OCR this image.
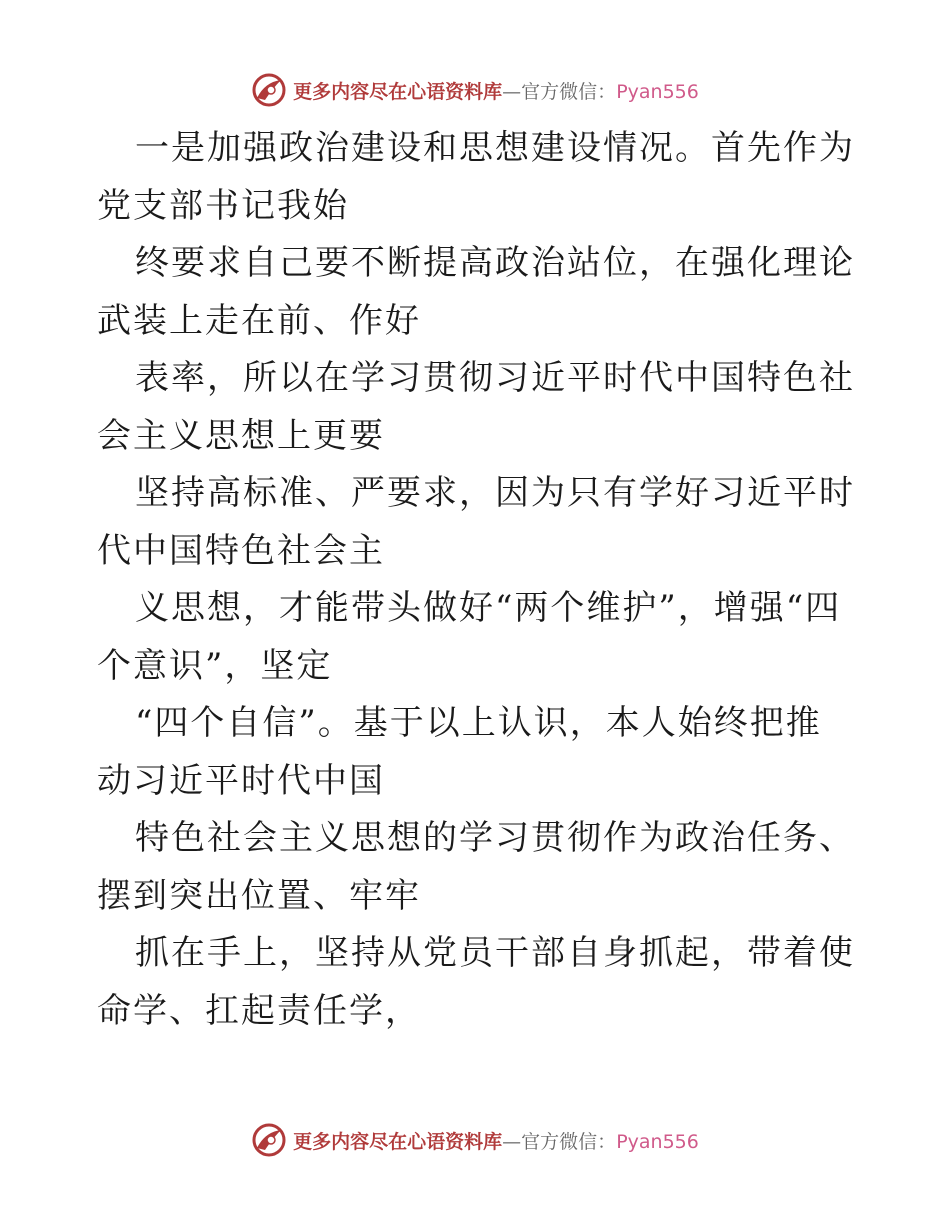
更多内容尽在心语资料库—官方微信：Pyan556

一是加强政治建设和思想建设情况。首先作为党支部书记我始

终要求自己要不断提高政治站位，在强化理论武装上走在前、作好

表率，所以在学习贯彻习近平时代中国特色社会主义思想上更要

坚持高标准、严要求，因为只有学好习近平时代中国特色社会主

义思想，才能带头做好“两个维护”，增强“四个意识”，坚定

“四个自信”。基于以上认识，本人始终把推动习近平时代中国

特色社会主义思想的学习贯彻作为政治任务、摆到突出位置、牢牢

抓在手上，坚持从党员干部自身抓起，带着使命学、扛起责任学，

更多内容尽在心语资料库—官方微信：Pyan556
